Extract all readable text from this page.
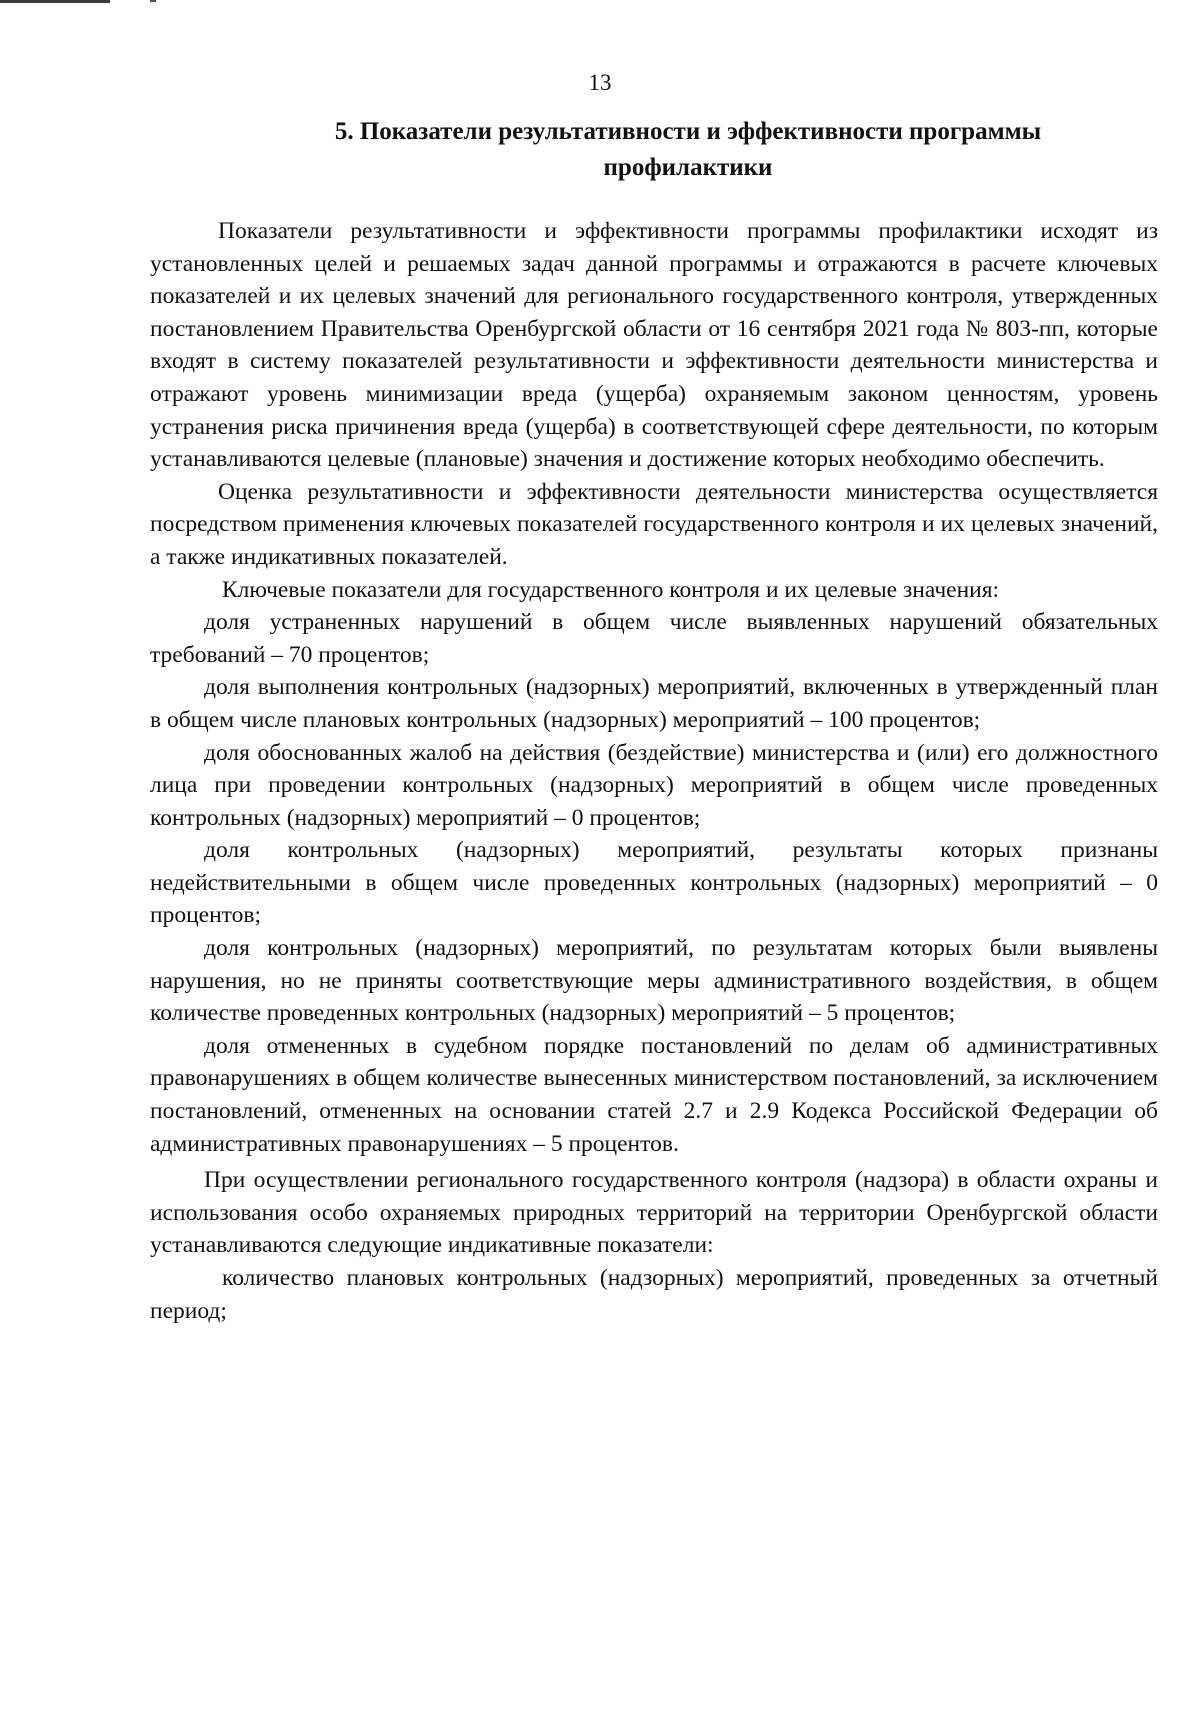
13
5. Показатели результативности и эффективности программы профилактики

Показатели результативности и эффективности программы профилактики исходят из установленных целей и решаемых задач данной программы и отражаются в расчете ключевых показателей и их целевых значений для регионального государственного контроля, утвержденных постановлением Правительства Оренбургской области от 16 сентября 2021 года № 803-пп, которые входят в систему показателей результативности и эффективности деятельности министерства и отражают уровень минимизации вреда (ущерба) охраняемым законом ценностям, уровень устранения риска причинения вреда (ущерба) в соответствующей сфере деятельности, по которым устанавливаются целевые (плановые) значения и достижение которых необходимо обеспечить.

Оценка результативности и эффективности деятельности министерства осуществляется посредством применения ключевых показателей государственного контроля и их целевых значений, а также индикативных показателей.

Ключевые показатели для государственного контроля и их целевые значения:

доля устраненных нарушений в общем числе выявленных нарушений обязательных требований – 70 процентов;

доля выполнения контрольных (надзорных) мероприятий, включенных в утвержденный план в общем числе плановых контрольных (надзорных) мероприятий – 100 процентов;

доля обоснованных жалоб на действия (бездействие) министерства и (или) его должностного лица при проведении контрольных (надзорных) мероприятий в общем числе проведенных контрольных (надзорных) мероприятий – 0 процентов;

доля контрольных (надзорных) мероприятий, результаты которых признаны недействительными в общем числе проведенных контрольных (надзорных) мероприятий – 0 процентов;

доля контрольных (надзорных) мероприятий, по результатам которых были выявлены нарушения, но не приняты соответствующие меры административного воздействия, в общем количестве проведенных контрольных (надзорных) мероприятий – 5 процентов;

доля отмененных в судебном порядке постановлений по делам об административных правонарушениях в общем количестве вынесенных министерством постановлений, за исключением постановлений, отмененных на основании статей 2.7 и 2.9 Кодекса Российской Федерации об административных правонарушениях – 5 процентов.

При осуществлении регионального государственного контроля (надзора) в области охраны и использования особо охраняемых природных территорий на территории Оренбургской области устанавливаются следующие индикативные показатели:

количество плановых контрольных (надзорных) мероприятий, проведенных за отчетный период;
